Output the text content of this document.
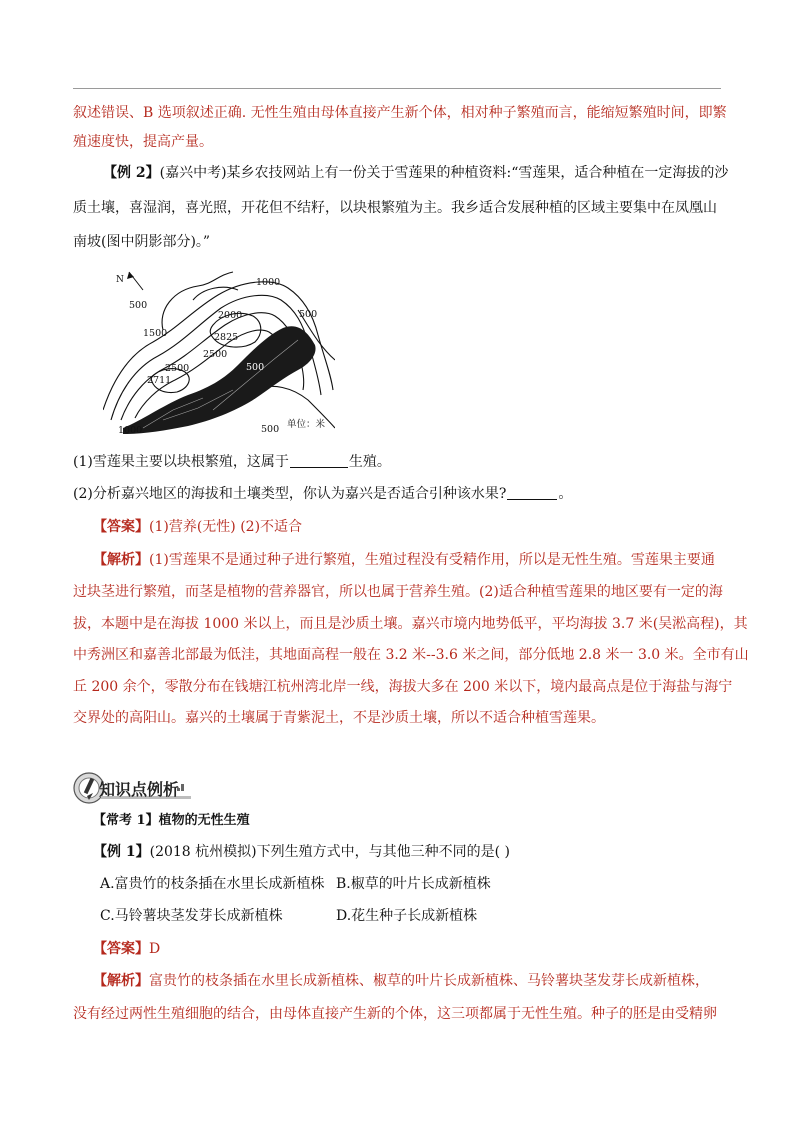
叙述错误、B 选项叙述正确. 无性生殖由母体直接产生新个体，相对种子繁殖而言，能缩短繁殖时间，即繁
殖速度快，提高产量。
【例 2】(嘉兴中考)某乡农技网站上有一份关于雪莲果的种植资料:“雪莲果，适合种植在一定海拔的沙
质土壤，喜湿润，喜光照，开花但不结籽，以块根繁殖为主。我乡适合发展种植的区域主要集中在凤凰山
南坡(图中阴影部分)。”
N	1000
500
1500
2000
2825
2500
2500
2711
500
1000	500
500
单位：米
(1)雪莲果主要以块根繁殖，这属于	生殖。
(2)分析嘉兴地区的海拔和土壤类型，你认为嘉兴是否适合引种该水果?	。
【答案】(1)营养(无性) (2)不适合
【解析】(1)雪莲果不是通过种子进行繁殖，生殖过程没有受精作用，所以是无性生殖。雪莲果主要通
过块茎进行繁殖，而茎是植物的营养器官，所以也属于营养生殖。(2)适合种植雪莲果的地区要有一定的海
拔，本题中是在海拔 1000 米以上，而且是沙质土壤。嘉兴市境内地势低平，平均海拔 3.7 米(吴淞高程)，其
中秀洲区和嘉善北部最为低洼，其地面高程一般在 3.2 米--3.6 米之间，部分低地 2.8 米一 3.0 米。全市有山
丘 200 余个，零散分布在钱塘江杭州湾北岸一线，海拔大多在 200 米以下，境内最高点是位于海盐与海宁
交界处的高阳山。嘉兴的土壤属于青紫泥土，不是沙质土壤，所以不适合种植雪莲果。
知识点例析
【常考 1】植物的无性生殖
【例 1】(2018 杭州模拟)下列生殖方式中，与其他三种不同的是( )
A.富贵竹的枝条插在水里长成新植株 B.椒草的叶片长成新植株
C.马铃薯块茎发芽长成新植株	D.花生种子长成新植株
【答案】D
【解析】富贵竹的枝条插在水里长成新植株、椒草的叶片长成新植株、马铃薯块茎发芽长成新植株，
没有经过两性生殖细胞的结合，由母体直接产生新的个体，这三项都属于无性生殖。种子的胚是由受精卵
